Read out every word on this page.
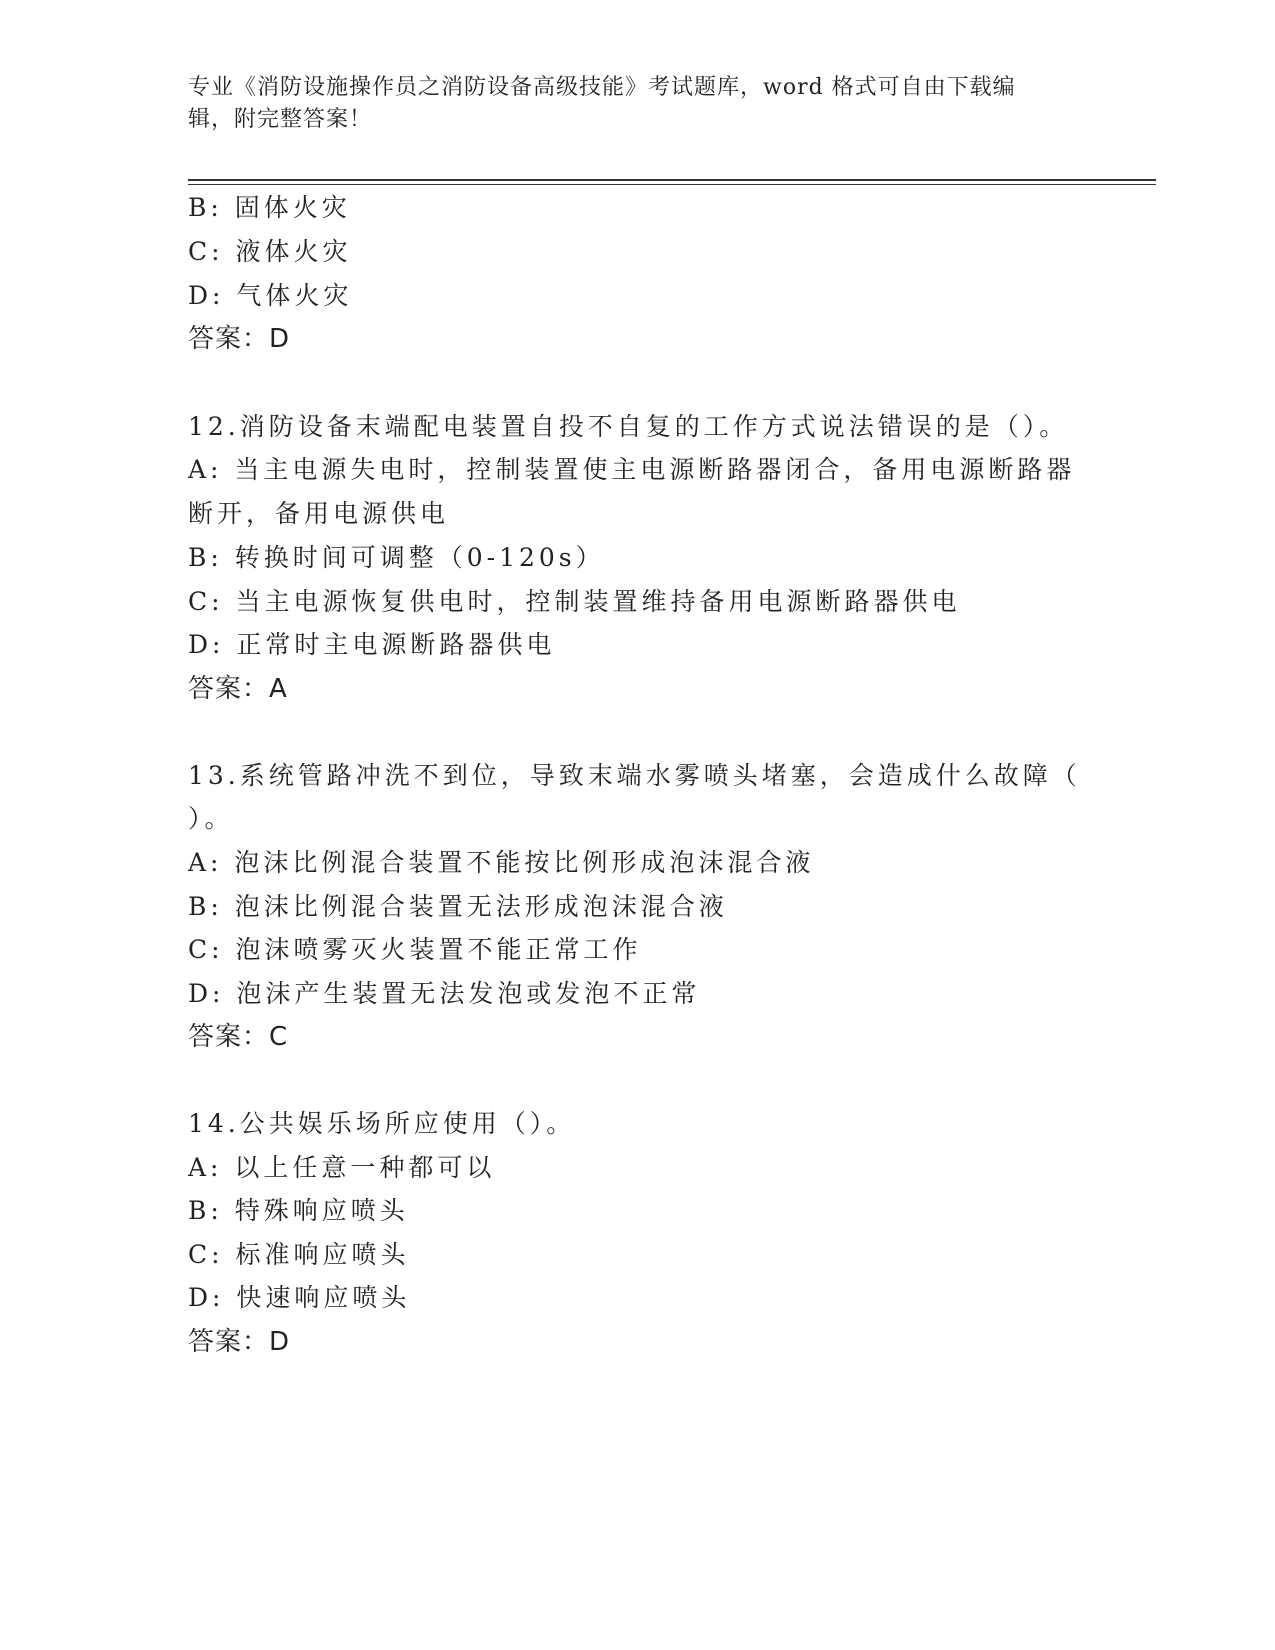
专业《消防设施操作员之消防设备高级技能》考试题库，word 格式可自由下载编
辑，附完整答案！
B: 固体火灾
C: 液体火灾
D: 气体火灾
答案：D
12.消防设备末端配电装置自投不自复的工作方式说法错误的是（）。
A: 当主电源失电时，控制装置使主电源断路器闭合，备用电源断路器
断开，备用电源供电
B: 转换时间可调整（0-120s）
C: 当主电源恢复供电时，控制装置维持备用电源断路器供电
D: 正常时主电源断路器供电
答案：A
13.系统管路冲洗不到位，导致末端水雾喷头堵塞，会造成什么故障（
）。
A: 泡沫比例混合装置不能按比例形成泡沫混合液
B: 泡沫比例混合装置无法形成泡沫混合液
C: 泡沫喷雾灭火装置不能正常工作
D: 泡沫产生装置无法发泡或发泡不正常
答案：C
14.公共娱乐场所应使用（）。
A: 以上任意一种都可以
B: 特殊响应喷头
C: 标准响应喷头
D: 快速响应喷头
答案：D
